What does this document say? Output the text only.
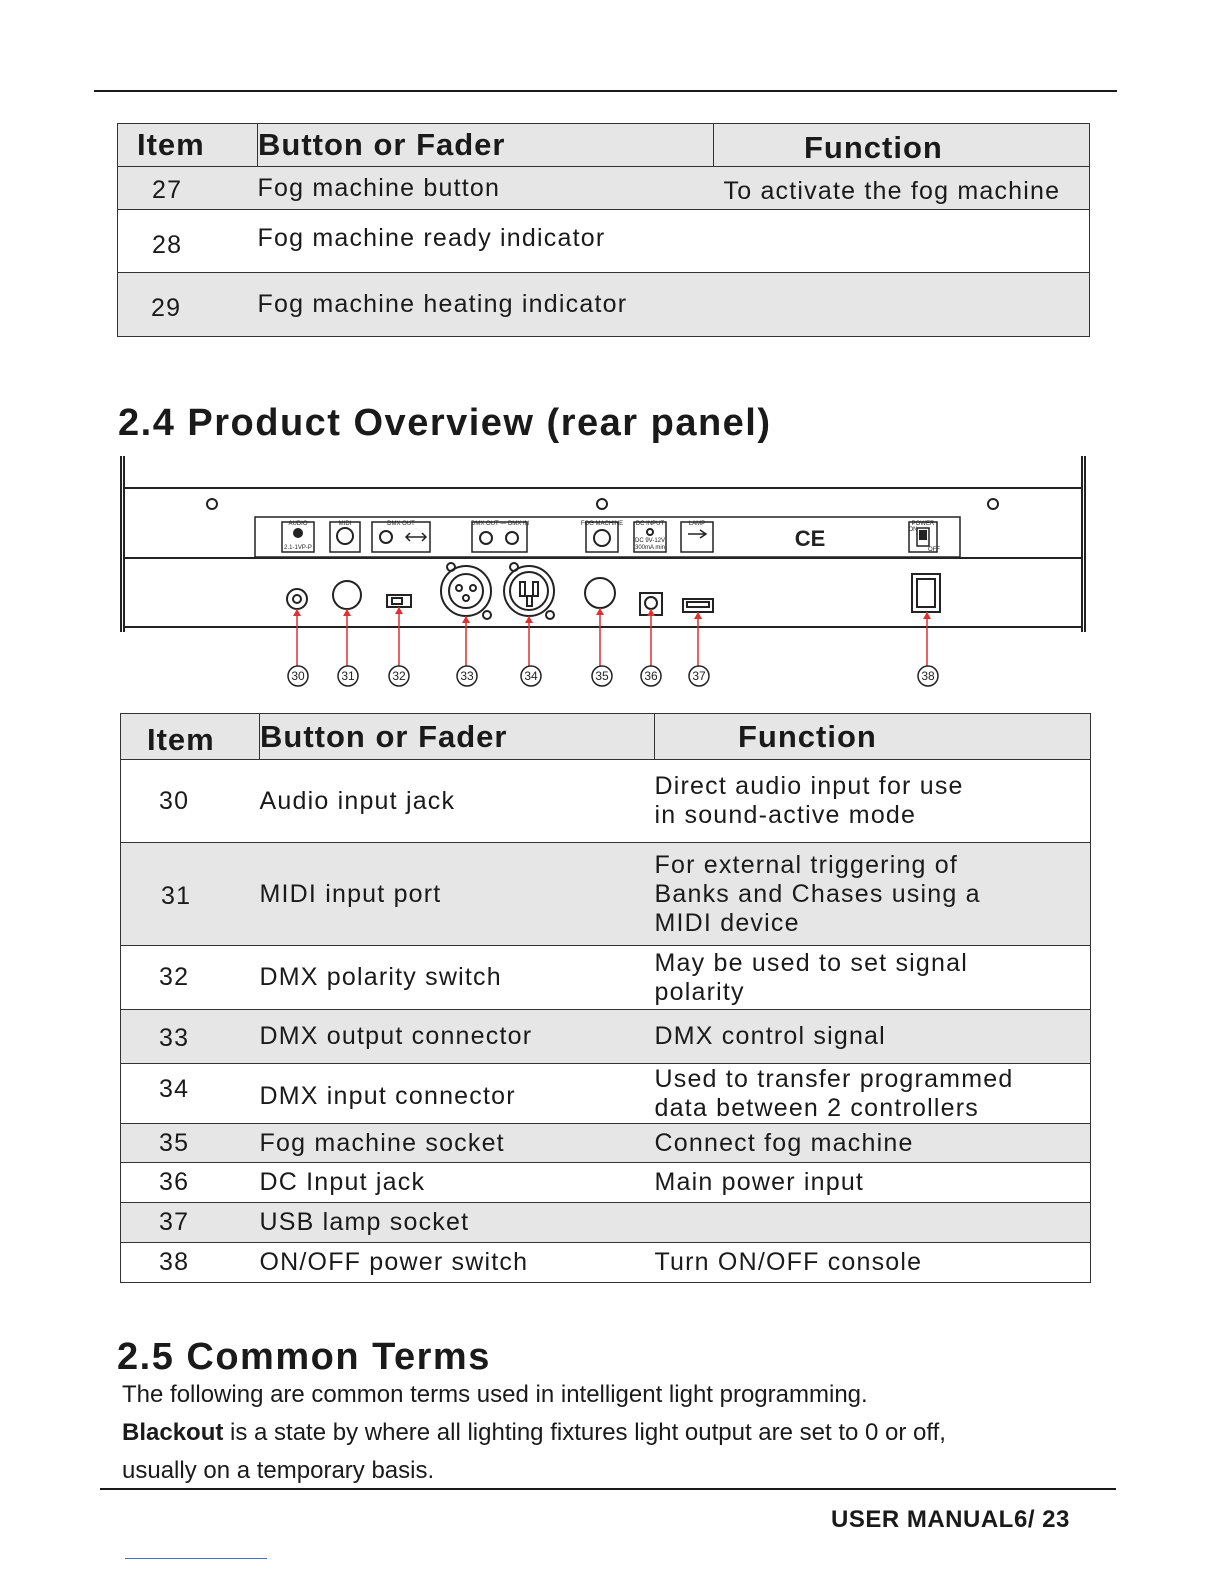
Item	Button or Fader	Function
27	Fog machine button	To activate the fog machine
28	Fog machine ready indicator	
29	Fog machine heating indicator	
2.4 Product Overview (rear panel)
AUDIO
2.1-1VP-P
MIDI	DMX OUT	DMX OUT — DMX IN	FOG MACHINE DC INPUT
DC 9V-12V
300mA min
LAMP	POWER
ON
OFF
CE
30	31	32	33	34	35	36	37	38
Item	Button or Fader	Function
30	Audio input jack	Direct audio input for use
in sound-active mode

31	MIDI input port	For external triggering of
Banks and Chases using a
MIDI device

32	DMX polarity switch	May be used to set signal
polarity

33	DMX output connector	DMX control signal

34	DMX input connector	Used to transfer programmed
data between 2 controllers

35	Fog machine socket	Connect fog machine

36	DC Input jack	Main power input

37	USB lamp socket	

38	ON/OFF power switch	Turn ON/OFF console
2.5 Common Terms

The following are common terms used in intelligent light programming.

Blackout is a state by where all lighting fixtures light output are set to 0 or off,

usually on a temporary basis.

USER MANUAL 6/ 23
